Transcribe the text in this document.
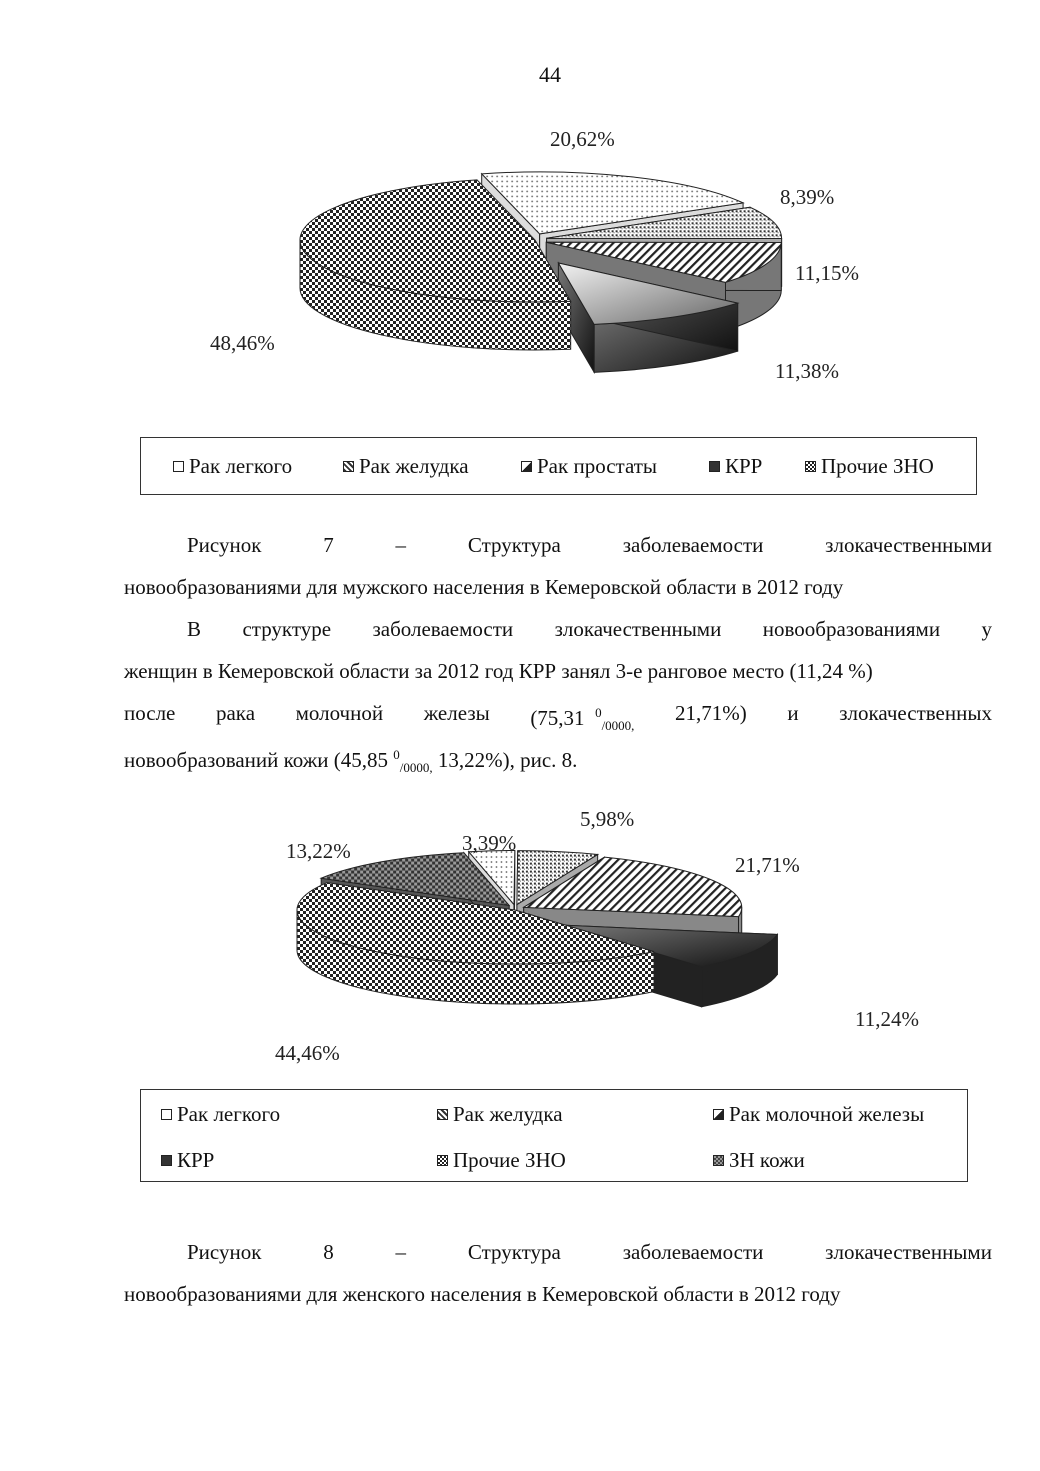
44
20,62%
8,39%
11,15%
11,38%
48,46%
Рак легкого	Рак желудка	Рак простаты	КРР	Прочие ЗНО
Рисунок	7	–	Структура	заболеваемости	злокачественными
новообразованиями для мужского населения в Кемеровской области в 2012 году
В структуре заболеваемости злокачественными новообразованиями у
женщин в Кемеровской области за 2012 год КРР занял 3-е ранговое место (11,24 %)
после рака молочной железы (75,31 $^0_{/0000,}$
21,71%) и злокачественных
новообразований кожи (45,85 $^0_{/0000,}$ 13,22%), рис. 8.
3,39%
5,98%
21,71%
11,24%
44,46%
13,22%
Рак легкого	Рак желудка	Рак молочной железы
КРР	Прочие ЗНО	ЗН кожи
Рисунок	8	–	Структура	заболеваемости	злокачественными
новообразованиями для женского населения в Кемеровской области в 2012 году
